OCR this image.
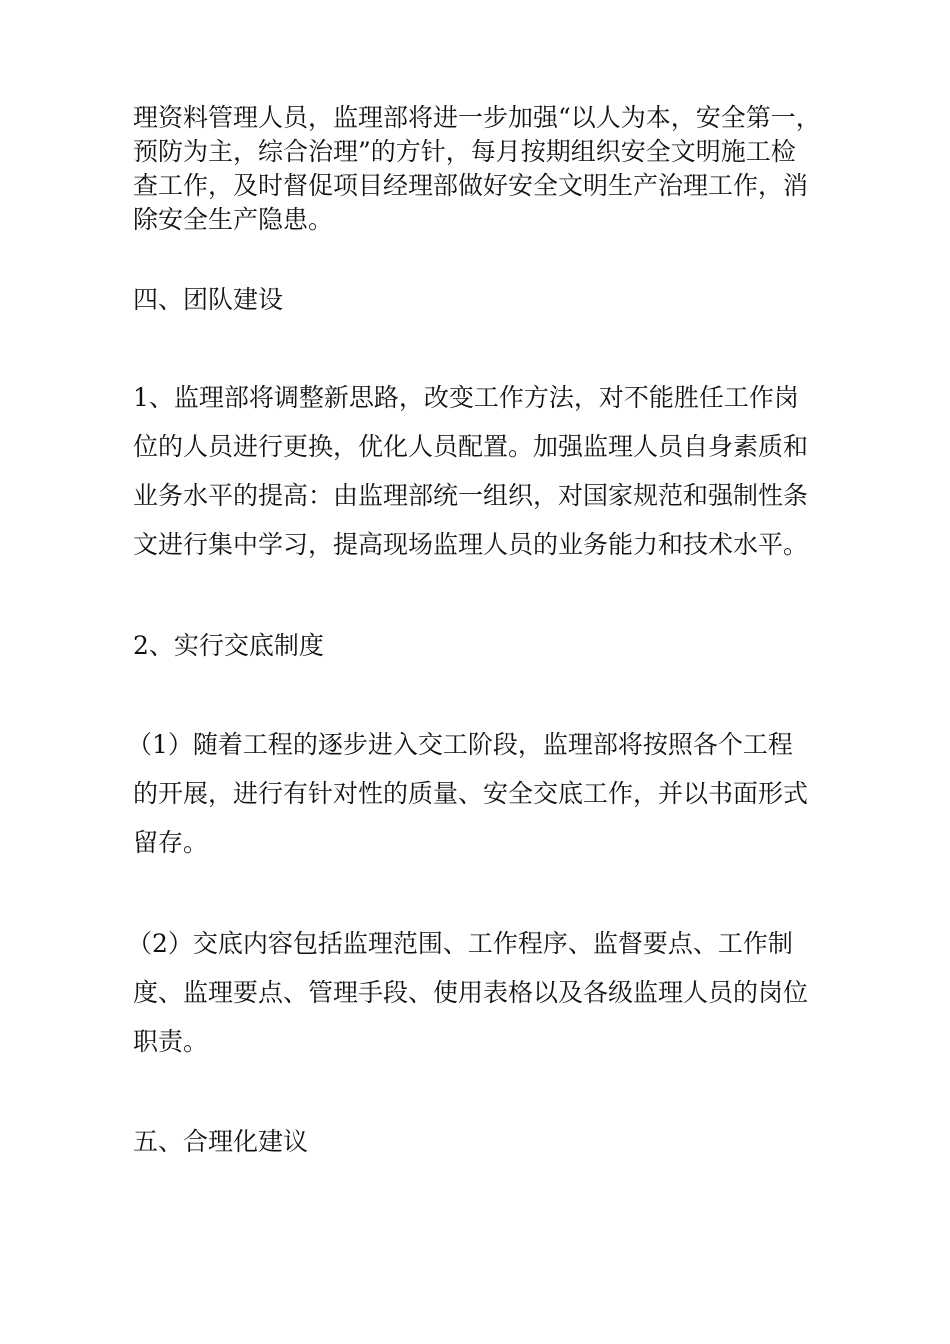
理资料管理人员，监理部将进一步加强“以人为本，安全第一，
预防为主，综合治理”的方针，每月按期组织安全文明施工检
查工作，及时督促项目经理部做好安全文明生产治理工作，消
除安全生产隐患。
四、团队建设
1、监理部将调整新思路，改变工作方法，对不能胜任工作岗
位的人员进行更换，优化人员配置。加强监理人员自身素质和
业务水平的提高：由监理部统一组织，对国家规范和强制性条
文进行集中学习，提高现场监理人员的业务能力和技术水平。
2、实行交底制度
（1）随着工程的逐步进入交工阶段，监理部将按照各个工程
的开展，进行有针对性的质量、安全交底工作，并以书面形式
留存。
（2）交底内容包括监理范围、工作程序、监督要点、工作制
度、监理要点、管理手段、使用表格以及各级监理人员的岗位
职责。
五、合理化建议
